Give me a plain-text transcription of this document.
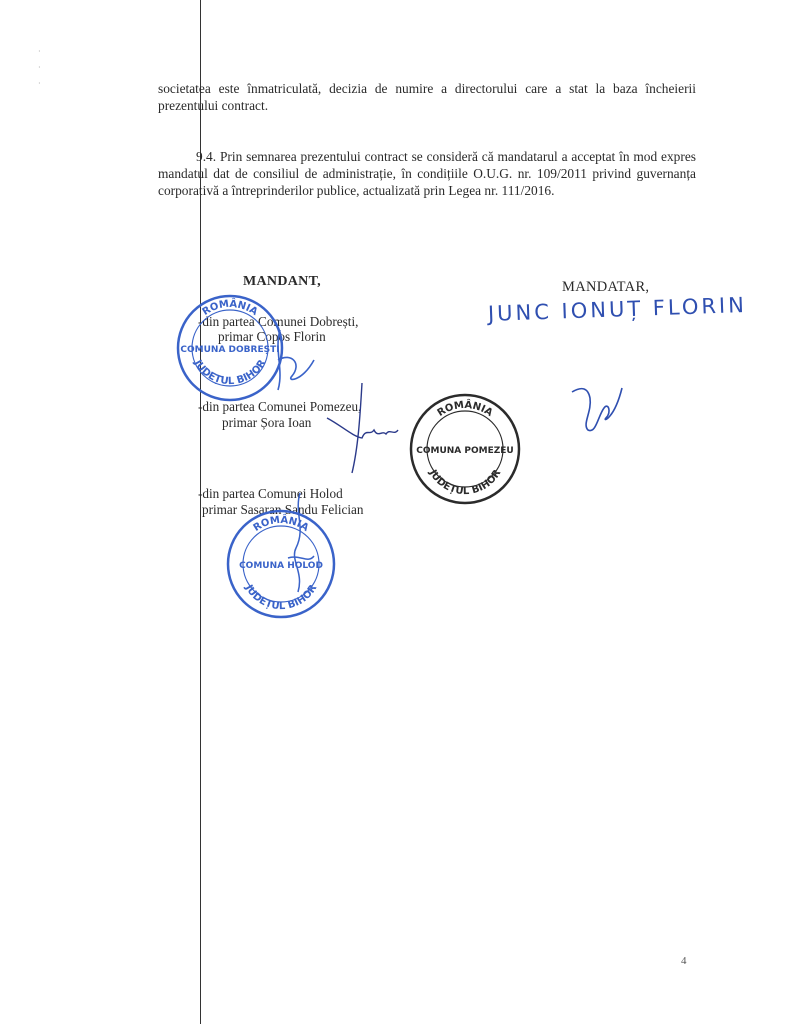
·
·
·	societatea este înmatriculată, decizia de numire a directorului care a stat la baza încheierii prezentului contract.

9.4. Prin semnarea prezentului contract se consideră că mandatarul a acceptat în mod expres mandatul dat de consiliul de administrație, în condițiile O.U.G. nr. 109/2011 privind guvernanța corporativă a întreprinderilor publice, actualizată prin Legea nr. 111/2016.

MANDANT,	MANDATAR,
-din partea Comunei Dobrești,
primar Copos Florin
-din partea Comunei Pomezeu,
primar Șora Ioan
-din partea Comunei Holod
primar Sasaran Sandu Felician
JUNC IONUȚ FLORIN
ROMÂNIA
JUDEȚUL BIHOR
COMUNA DOBREȘTI
ROMÂNIA
JUDEȚUL BIHOR
COMUNA POMEZEU
ROMÂNIA
JUDEȚUL BIHOR
COMUNA HOLOD
4
